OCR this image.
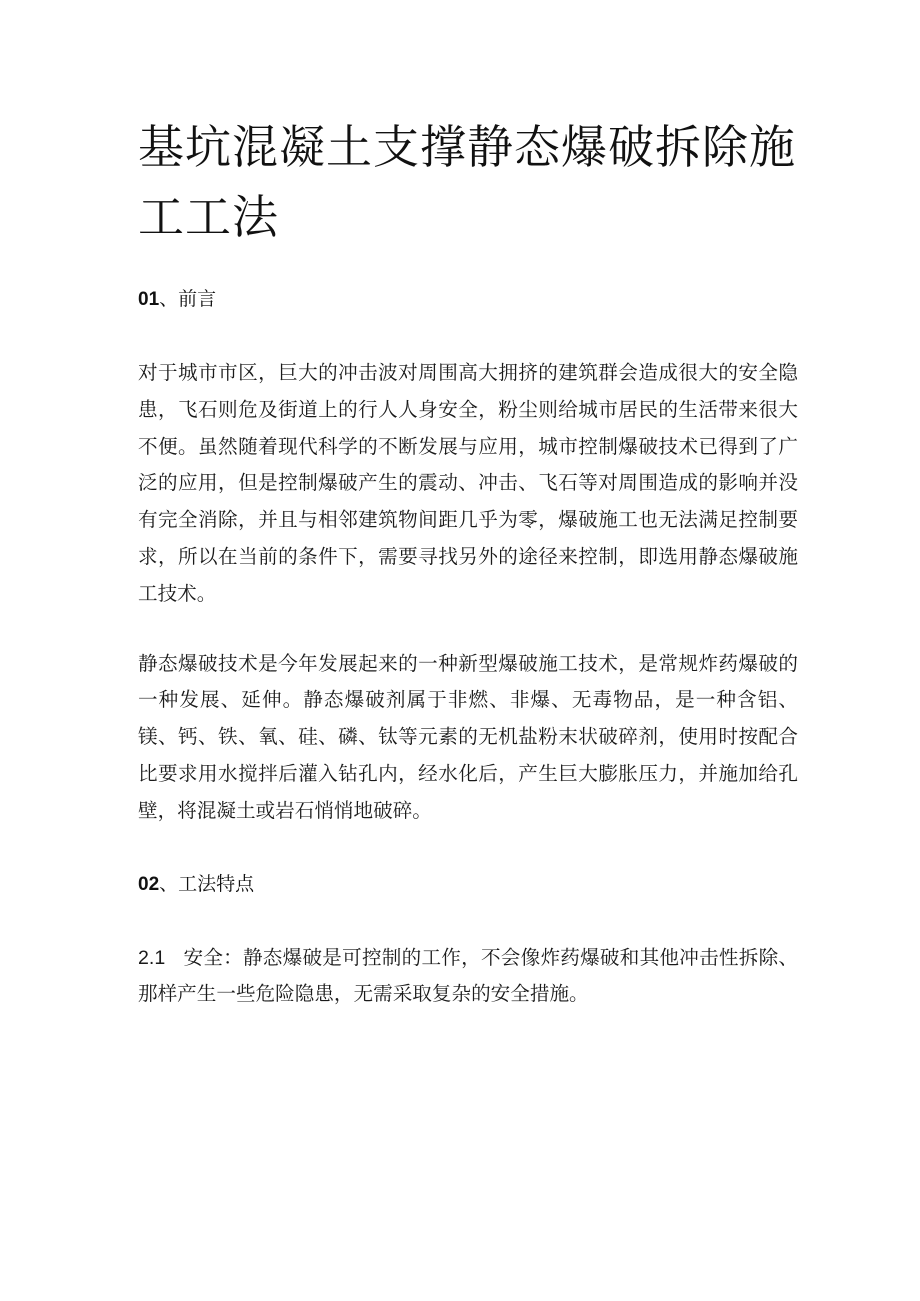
基坑混凝土支撑静态爆破拆除施工工法
01、前言

对于城市市区，巨大的冲击波对周围高大拥挤的建筑群会造成很大的安全隐患，飞石则危及街道上的行人人身安全，粉尘则给城市居民的生活带来很大不便。虽然随着现代科学的不断发展与应用，城市控制爆破技术已得到了广泛的应用，但是控制爆破产生的震动、冲击、飞石等对周围造成的影响并没有完全消除，并且与相邻建筑物间距几乎为零，爆破施工也无法满足控制要求，所以在当前的条件下，需要寻找另外的途径来控制，即选用静态爆破施工技术。

静态爆破技术是今年发展起来的一种新型爆破施工技术，是常规炸药爆破的一种发展、延伸。静态爆破剂属于非燃、非爆、无毒物品，是一种含铝、镁、钙、铁、氧、硅、磷、钛等元素的无机盐粉末状破碎剂，使用时按配合比要求用水搅拌后灌入钻孔内，经水化后，产生巨大膨胀压力，并施加给孔壁，将混凝土或岩石悄悄地破碎。

02、工法特点

2.1 安全：静态爆破是可控制的工作，不会像炸药爆破和其他冲击性拆除、那样产生一些危险隐患，无需采取复杂的安全措施。
